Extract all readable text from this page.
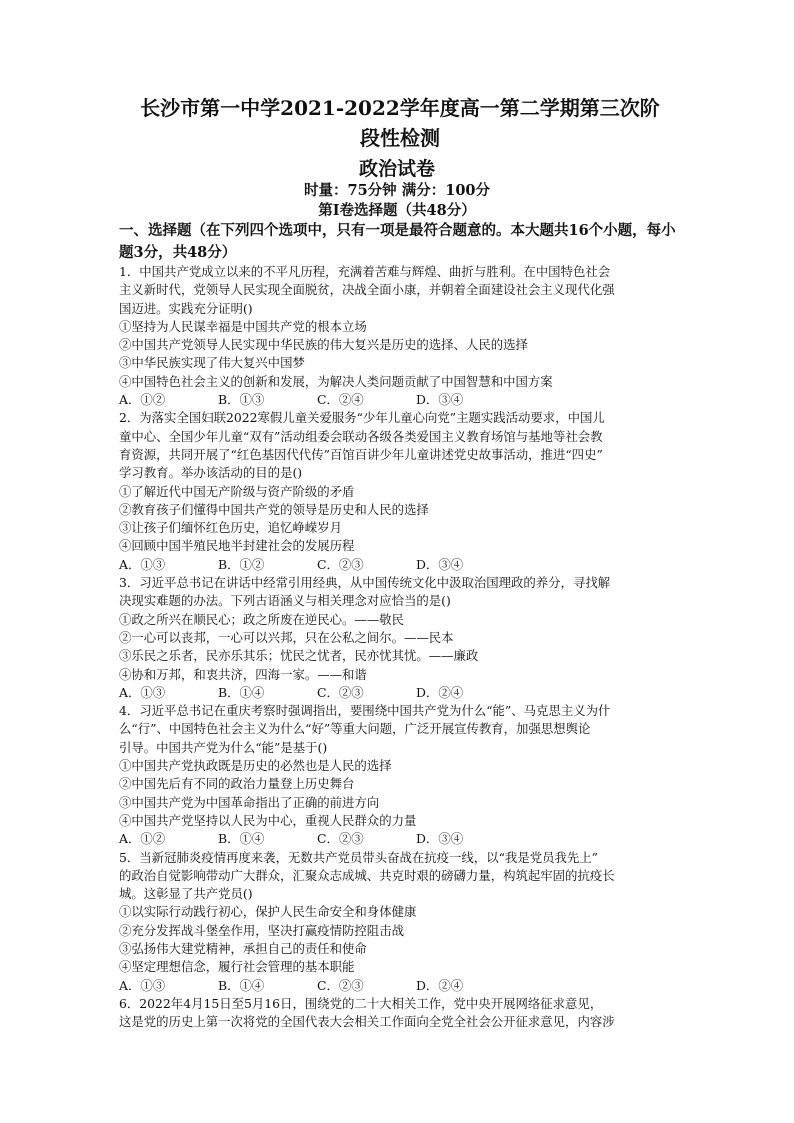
长沙市第一中学2021-2022学年度高一第二学期第三次阶
段性检测
政治试卷

时量：75分钟 满分：100分

第Ⅰ卷选择题（共48分）

一、选择题（在下列四个选项中，只有一项是最符合题意的。本大题共16个小题，每小题3分，共48分）

1．中国共产党成立以来的不平凡历程，充满着苦难与辉煌、曲折与胜利。在中国特色社会
主义新时代，党领导人民实现全面脱贫，决战全面小康，并朝着全面建设社会主义现代化强
国迈进。实践充分证明()
①坚持为人民谋幸福是中国共产党的根本立场
②中国共产党领导人民实现中华民族的伟大复兴是历史的选择、人民的选择
③中华民族实现了伟大复兴中国梦
④中国特色社会主义的创新和发展，为解决人类问题贡献了中国智慧和中国方案
A．①②	B．①③	C．②④	D．③④
2．为落实全国妇联2022寒假儿童关爱服务“少年儿童心向党”主题实践活动要求，中国儿
童中心、全国少年儿童“双有”活动组委会联动各级各类爱国主义教育场馆与基地等社会教
育资源，共同开展了“红色基因代代传”百馆百讲少年儿童讲述党史故事活动，推进“四史”
学习教育。举办该活动的目的是()
①了解近代中国无产阶级与资产阶级的矛盾
②教育孩子们懂得中国共产党的领导是历史和人民的选择
③让孩子们缅怀红色历史，追忆峥嵘岁月
④回顾中国半殖民地半封建社会的发展历程
A．①③	B．①②	C．②③	D．③④
3．习近平总书记在讲话中经常引用经典，从中国传统文化中汲取治国理政的养分，寻找解
决现实难题的办法。下列古语涵义与相关理念对应恰当的是()
①政之所兴在顺民心；政之所废在逆民心。——敬民
②一心可以丧邦，一心可以兴邦，只在公私之间尔。——民本
③乐民之乐者，民亦乐其乐；忧民之忧者，民亦忧其忧。——廉政
④协和万邦，和衷共济，四海一家。——和谐
A．①③	B．①④	C．②③	D．②④
4．习近平总书记在重庆考察时强调指出，要围绕中国共产党为什么“能”、马克思主义为什
么“行”、中国特色社会主义为什么“好”等重大问题，广泛开展宣传教育，加强思想舆论
引导。中国共产党为什么“能”是基于()
①中国共产党执政既是历史的必然也是人民的选择
②中国先后有不同的政治力量登上历史舞台
③中国共产党为中国革命指出了正确的前进方向
④中国共产党坚持以人民为中心，重视人民群众的力量
A．①②	B．①④	C．②③	D．③④
5．当新冠肺炎疫情再度来袭，无数共产党员带头奋战在抗疫一线，以“我是党员我先上”
的政治自觉影响带动广大群众，汇聚众志成城、共克时艰的磅礴力量，构筑起牢固的抗疫长
城。这彰显了共产党员()
①以实际行动践行初心，保护人民生命安全和身体健康
②充分发挥战斗堡垒作用，坚决打赢疫情防控阻击战
③弘扬伟大建党精神，承担自己的责任和使命
④坚定理想信念，履行社会管理的基本职能
A．①③	B．①④	C．②③	D．②④
6．2022年4月15日至5月16日，围绕党的二十大相关工作，党中央开展网络征求意见，
这是党的历史上第一次将党的全国代表大会相关工作面向全党全社会公开征求意见，内容涉
